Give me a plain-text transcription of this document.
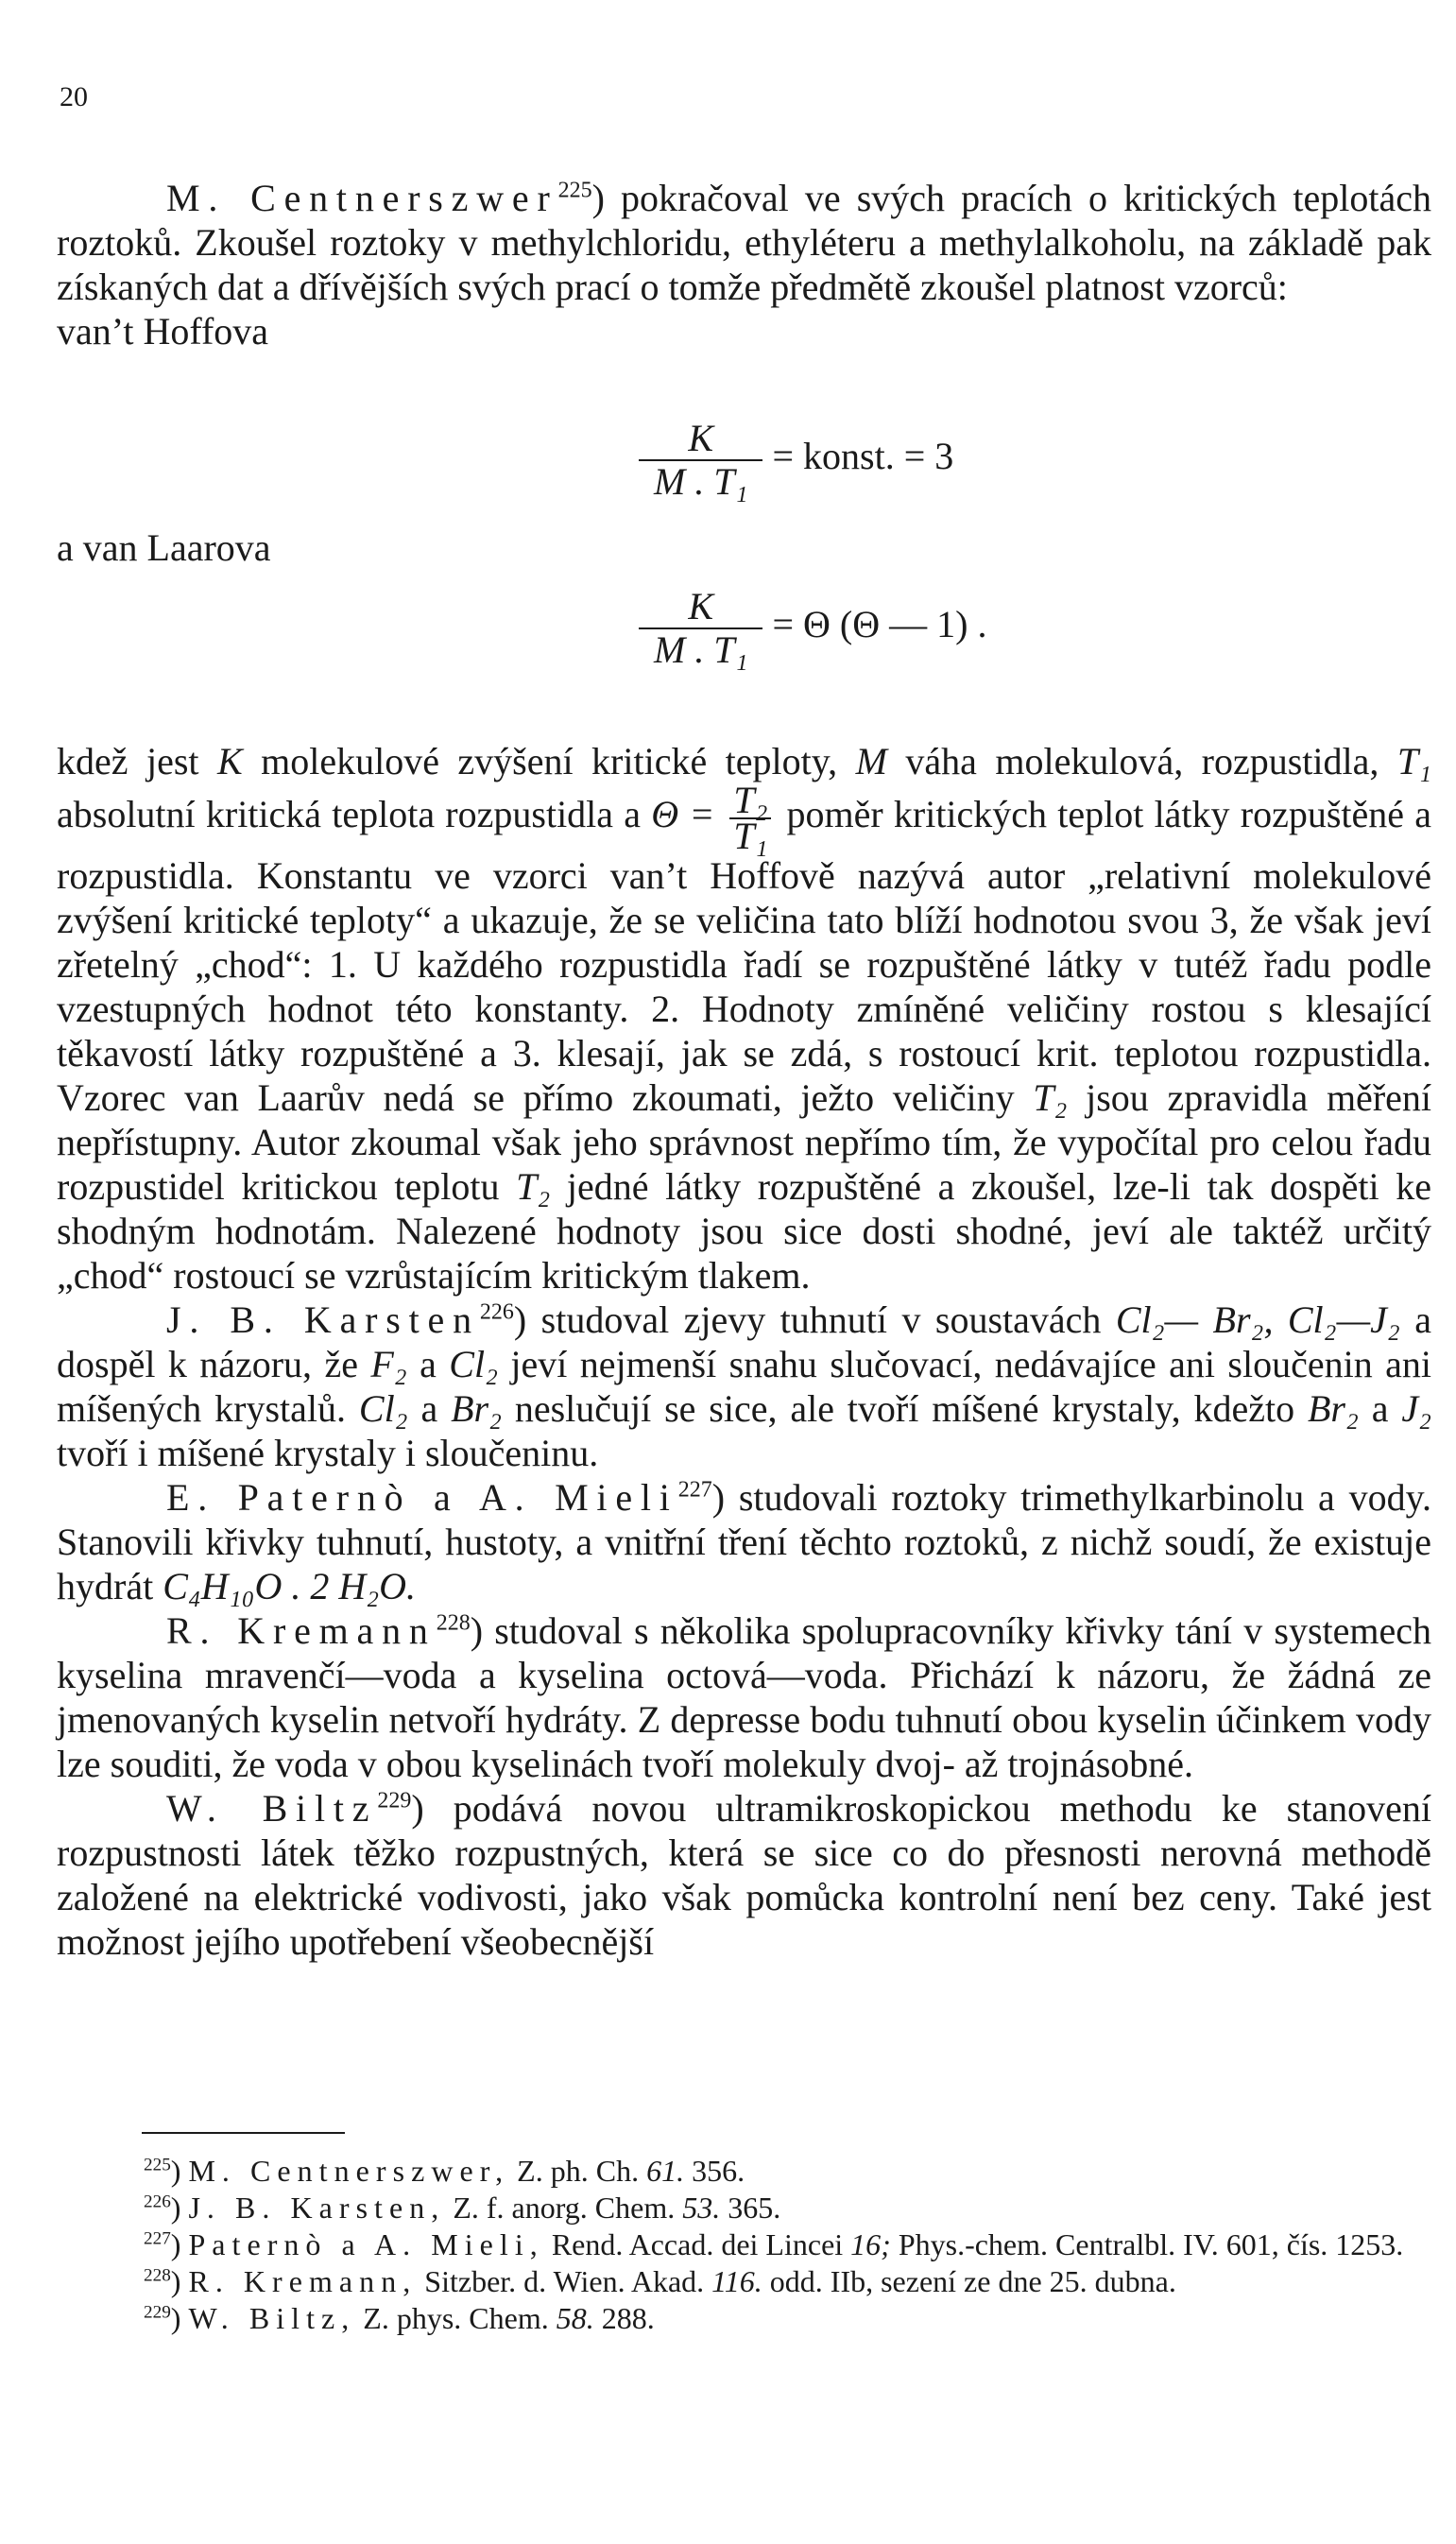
20

M. Centnerszwer$^{225}$) pokračoval ve svých pracích o kritických teplotách roztoků. Zkoušel roztoky v methylchloridu, ethyléteru a methylalkoholu, na základě pak získaných dat a dřívějších svých prací o tomže předmětě zkoušel platnost vzorců:

van’t Hoffova

$\frac{K}{\text{M . T₁}}$ = konst. = 3
a van Laarova
$\frac{K}{\text{M . T₁}} = \Theta$ (Θ — 1) .

kdež jest K molekulové zvýšení kritické teploty, M váha molekulová, rozpustidla, T₁ absolutní kritická teplota rozpustidla a $\Theta = \frac{\text{T₂}}{\text{T₁}}$ poměr kritických teplot látky rozpuštěné a rozpustidla. Konstantu ve vzorci van’t Hoffově nazývá autor „relativní molekulové zvýšení kritické teploty“ a ukazuje, že se veličina tato blíží hodnotou svou 3, že však jeví zřetelný „chod“: 1. U každého rozpustidla řadí se rozpuštěné látky v tutéž řadu podle vzestupných hodnot této konstanty. 2. Hodnoty zmíněné veličiny rostou s klesající těkavostí látky rozpuštěné a 3. klesají, jak se zdá, s rostoucí krit. teplotou rozpustidla. Vzorec van Laarův nedá se přímo zkoumati, ježto veličiny T₂ jsou zpravidla měření nepřístupny. Autor zkoumal však jeho správnost nepřímo tím, že vypočítal pro celou řadu rozpustidel kritickou teplotu T₂ jedné látky rozpuštěné a zkoušel, lze-li tak dospěti ke shodným hodnotám. Nalezené hodnoty jsou sice dosti shodné, jeví ale taktéž určitý „chod“ rostoucí se vzrůstajícím kritickým tlakem.

J. B. Karsten$^{226}$) studoval zjevy tuhnutí v soustavách Cl₂— Br₂, Cl₂—J₂ a dospěl k názoru, že F₂ a Cl₂ jeví nejmenší snahu slučovací, nedávajíce ani sloučenin ani míšených krystalů. Cl₂ a Br₂ neslučují se sice, ale tvoří míšené krystaly, kdežto Br₂ a J₂ tvoří i míšené krystaly i sloučeninu.

E. Paternò a A. Mieli$^{227}$) studovali roztoky trimethylkarbinolu a vody. Stanovili křivky tuhnutí, hustoty, a vnitřní tření těchto roztoků, z nichž soudí, že existuje hydrát C₄H₁₀O . 2 H₂O.

R. Kremann$^{228}$) studoval s několika spolupracovníky křivky tání v systemech kyselina mravenčí—voda a kyselina octová—voda. Přichází k názoru, že žádná ze jmenovaných kyselin netvoří hydráty. Z depresse bodu tuhnutí obou kyselin účinkem vody lze souditi, že voda v obou kyselinách tvoří molekuly dvoj- až trojnásobné.

W. Biltz$^{229}$) podává novou ultramikroskopickou methodu ke stanovení rozpustnosti látek těžko rozpustných, která se sice co do přesnosti nerovná methodě založené na elektrické vodivosti, jako však pomůcka kontrolní není bez ceny. Také jest možnost jejího upotřebení všeobecnější

$^{225}$) M. Centnerszwer, Z. ph. Ch. 61. 356.

$^{226}$) J. B. Karsten, Z. f. anorg. Chem. 53. 365.

$^{227}$) Paternò a A. Mieli, Rend. Accad. dei Lincei 16; Phys.-chem. Centralbl. IV. 601, čís. 1253.

$^{228}$) R. Kremann, Sitzber. d. Wien. Akad. 116. odd. IIb, sezení ze dne 25. dubna.

$^{229}$) W. Biltz, Z. phys. Chem. 58. 288.
